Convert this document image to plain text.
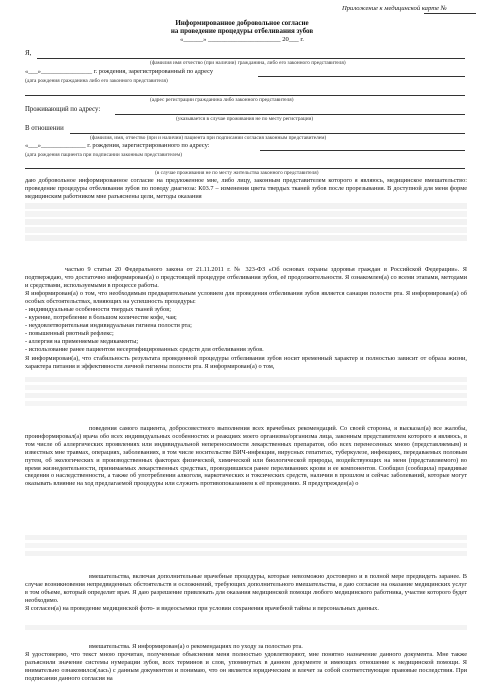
Приложение к медицинской карте №
Информированное добровольное согласие
на проведение процедуры отбеливания зубов
«______» ______________________ 20___ г.
Я,
(фамилия имя отчество (при наличии) гражданина, либо его законного представителя)
«___»________________ г. рождения, зарегистрированный по адресу
(дата рождения гражданина либо его законного представителя)
(адрес регистрации гражданина либо законного представителя)
Проживающий по адресу:
(указывается в случае проживания не по месту регистрации)
В отношении
(фамилия, имя, отчество (при и наличии) пациента при подписании согласия законным представителем)
«___»______________ г. рождения, зарегистрированного по адресу:
(дата рождения пациента при подписании законным представителем)
(в случае проживания не по месту жительства законного представителя)
даю добровольное информированное согласие на предложенное мне, либо лицу, законным представителем которого я являюсь, медицинское вмешательство: проведение процедуры отбеливания зубов по поводу диагноза: К03.7 – изменения цвета твердых тканей зубов после прорезывания. В доступной для меня форме медицинским работником мне разъяснены цели, методы оказания
частью 9 статьи 20 Федерального закона от 21.11.2011 г. № 323-ФЗ «Об основах охраны здоровья граждан в Российской Федерации». Я подтверждаю, что достаточно информирован(а) о предстоящей процедуре отбеливания зубов, её продолжительности. Я ознакомлен(а) со всеми этапами, методами и средствами, используемыми в процессе работы.
Я информирован(а) о том, что необходимым предварительным условием для проведения отбеливания зубов является санация полости рта. Я информирован(а) об особых обстоятельствах, влияющих на успешность процедуры:
- индивидуальные особенности твердых тканей зубов;
- курение, потребление в большом количестве кофе, чая;
- неудовлетворительная индивидуальная гигиена полости рта;
- повышенный рвотный рефлекс;
- аллергия на применяемые медикаменты;
- использование ранее пациентом несертифицированных средств для отбеливания зубов.
Я информирован(а), что стабильность результата проведенной процедуры отбеливания зубов носит временный характер и полностью зависит от образа жизни, характера питания и эффективности личной гигиены полости рта. Я информирован(а) о том,
поведения самого пациента, добросовестного выполнения всех врачебных рекомендаций. Со своей стороны, я высказал(а) все жалобы, проинформировал(а) врача обо всех индивидуальных особенностях и реакциях моего организма/организма лица, законным представителем которого я являюсь, в том числе об аллергических проявлениях или индивидуальной непереносимости лекарственных препаратов, обо всех перенесенных мною (представляемым) и известных мне травмах, операциях, заболеваниях, в том числе носительстве ВИЧ-инфекции, вирусных гепатитах, туберкулезе, инфекциях, передаваемых половым путем, об экологических и производственных факторах физической, химической или биологической природы, воздействующих на меня (представляемого) во время жизнедеятельности, принимаемых лекарственных средствах, проводившихся ранее переливаниях крови и ее компонентов. Сообщил (сообщила) правдивые сведения о наследственности, а также об употреблении алкоголя, наркотических и токсических средств, наличии в прошлом и сейчас заболеваний, которые могут оказывать влияние на ход предлагаемой процедуры или служить противопоказанием к её проведению. Я предупрежден(а) о
вмешательства, включая дополнительные врачебные процедуры, которые невозможно достоверно и в полной мере предвидеть заранее. В случае возникновения непредвиденных обстоятельств и осложнений, требующих дополнительного вмешательства, я даю согласие на оказание медицинских услуг в том объеме, который определит врач. Я даю разрешение привлекать для оказания медицинской помощи любого медицинского работника, участие которого будет необходимо.
Я согласен(а) на проведение медицинской фото- и видеосъемки при условии сохранения врачебной тайны и персональных данных.
вмешательства. Я информирован(а) о рекомендациях по уходу за полостью рта.
Я удостоверяю, что текст мною прочитан, полученные объяснения меня полностью удовлетворяют, мне понятно назначение данного документа. Мне также разъяснили значение системы нумерации зубов, всех терминов и слов, упомянутых в данном документе и имеющих отношение к медицинской помощи. Я внимательно ознакомился(лась) с данным документом и понимаю, что он является юридическим и влечет за собой соответствующие правовые последствия. При подписании данного согласия на
